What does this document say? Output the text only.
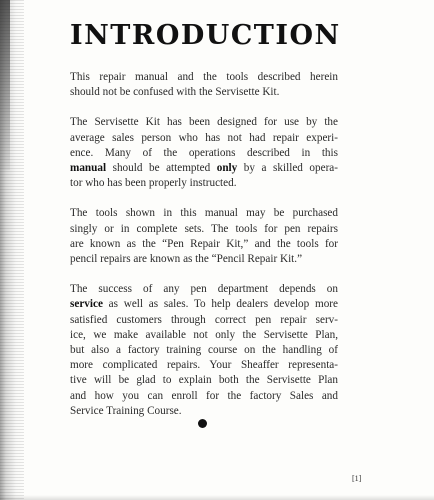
INTRODUCTION

This repair manual and the tools described herein
should not be confused with the Servisette Kit.

The Servisette Kit has been designed for use by the
average sales person who has not had repair experi-
ence. Many of the operations described in this
manual should be attempted only by a skilled opera-
tor who has been properly instructed.

The tools shown in this manual may be purchased
singly or in complete sets. The tools for pen repairs
are known as the “Pen Repair Kit,” and the tools for
pencil repairs are known as the “Pencil Repair Kit.”

The success of any pen department depends on
service as well as sales. To help dealers develop more
satisfied customers through correct pen repair serv-
ice, we make available not only the Servisette Plan,
but also a factory training course on the handling of
more complicated repairs. Your Sheaffer representa-
tive will be glad to explain both the Servisette Plan
and how you can enroll for the factory Sales and
Service Training Course.

[1]
